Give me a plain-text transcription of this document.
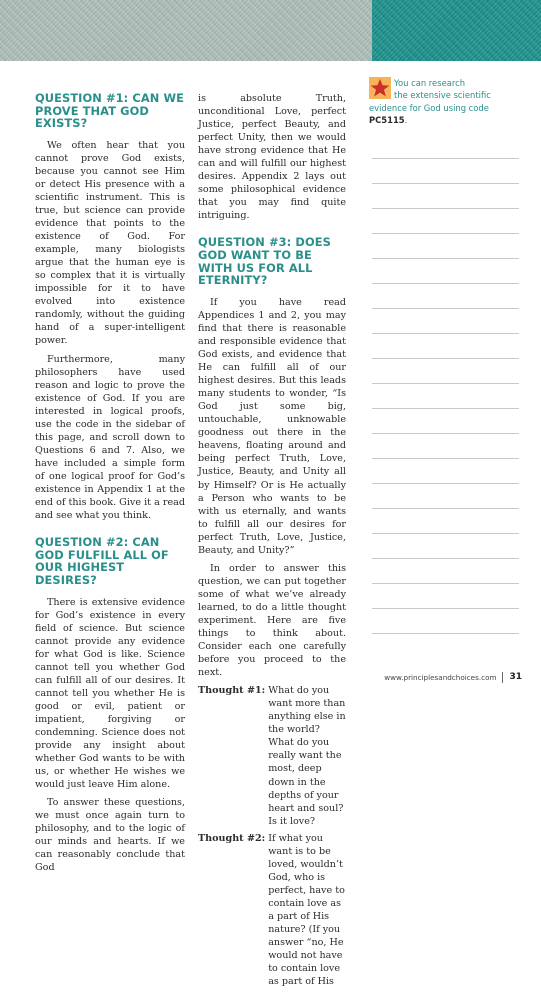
QUESTION #1: CAN WE PROVE THAT GOD EXISTS?

We often hear that you cannot prove God exists, because you cannot see Him or detect His presence with a scientific instrument. This is true, but science can provide evidence that points to the existence of God. For example, many biologists argue that the human eye is so complex that it is virtually impossible for it to have evolved into existence randomly, without the guiding hand of a super-intelligent power.

Furthermore, many philosophers have used reason and logic to prove the existence of God. If you are interested in logical proofs, use the code in the sidebar of this page, and scroll down to Questions 6 and 7. Also, we have included a simple form of one logical proof for God’s existence in Appendix 1 at the end of this book. Give it a read and see what you think.

QUESTION #2: CAN GOD FULFILL ALL OF OUR HIGHEST DESIRES?

There is extensive evidence for God’s existence in every field of science. But science cannot provide any evidence for what God is like. Science cannot tell you whether God can fulfill all of our desires. It cannot tell you whether He is good or evil, patient or impatient, forgiving or condemning. Science does not provide any insight about whether God wants to be with us, or whether He wishes we would just leave Him alone.

To answer these questions, we must once again turn to philosophy, and to the logic of our minds and hearts. If we can reasonably conclude that God

is absolute Truth, unconditional Love, perfect Justice, perfect Beauty, and perfect Unity, then we would have strong evidence that He can and will fulfill our highest desires. Appendix 2 lays out some philosophical evidence that you may find quite intriguing.

QUESTION #3: DOES GOD WANT TO BE WITH US FOR ALL ETERNITY?

If you have read Appendices 1 and 2, you may find that there is reasonable and responsible evidence that God exists, and evidence that He can fulfill all of our highest desires. But this leads many students to wonder, “Is God just some big, untouchable, unknowable goodness out there in the heavens, floating around and being perfect Truth, Love, Justice, Beauty, and Unity all by Himself? Or is He actually a Person who wants to be with us eternally, and wants to fulfill all our desires for perfect Truth, Love, Justice, Beauty, and Unity?”

In order to answer this question, we can put together some of what we’ve already learned, to do a little thought experiment. Here are five things to think about. Consider each one carefully before you proceed to the next.

Thought #1: What do you want more than anything else in the world? What do you really want the most, deep down in the depths of your heart and soul? Is it love?
Thought #2: If what you want is to be loved, wouldn’t God, who is perfect, have to contain love as a part of His nature? (If you answer “no, He would not have to contain love as part of His

You can research
the extensive scientific
evidence for God using code
PC5115.

www.principlesandchoices.com 31
